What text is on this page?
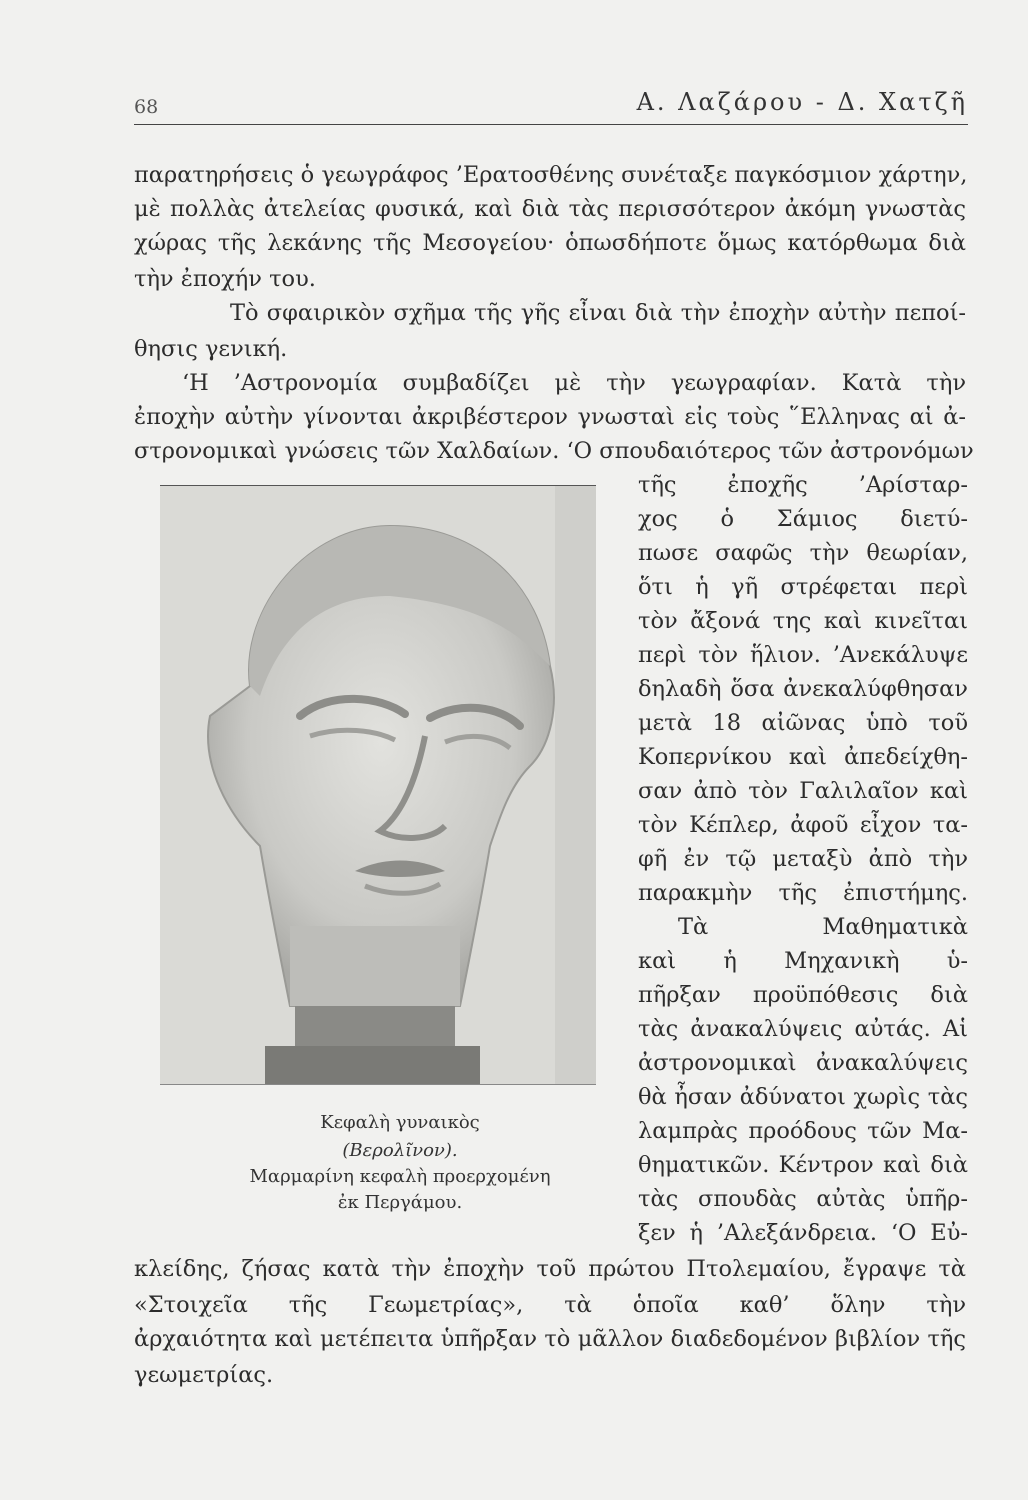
68	Α. Λαζάρου - Δ. Χατζῆ
παρατηρήσεις ὁ γεωγράφος ’Ερατοσθένης συνέταξε παγκόσμιον χάρτην,
μὲ πολλὰς ἀτελείας φυσικά, καὶ διὰ τὰς περισσότερον ἀκόμη γνωστὰς
χώρας τῆς λεκάνης τῆς Μεσογείου· ὁπωσδήποτε ὅμως κατόρθωμα διὰ
τὴν ἐποχήν του.
Τὸ σφαιρικὸν σχῆμα τῆς γῆς εἶναι διὰ τὴν ἐποχὴν αὐτὴν πεποί-
θησις γενική.
‘Η ’Αστρονομία συμβαδίζει μὲ τὴν γεωγραφίαν. Κατὰ τὴν
ἐποχὴν αὐτὴν γίνονται ἀκριβέστερον γνωσταὶ εἰς τοὺς ῞Ελληνας αἱ ἀ-
στρονομικαὶ γνώσεις τῶν Χαλδαίων. ‘Ο σπουδαιότερος τῶν ἀστρονόμων
τῆς ἐποχῆς ’Αρίσταρ-
χος ὁ Σάμιος διετύ-
πωσε σαφῶς τὴν θεωρίαν,
ὅτι ἡ γῆ στρέφεται περὶ
τὸν ἄξονά της καὶ κινεῖται
περὶ τὸν ἥλιον. ’Ανεκάλυψε
δηλαδὴ ὅσα ἀνεκαλύφθησαν
μετὰ 18 αἰῶνας ὑπὸ τοῦ
Κοπερνίκου καὶ ἀπεδείχθη-
σαν ἀπὸ τὸν Γαλιλαῖον καὶ
τὸν Κέπλερ, ἀφοῦ εἶχον τα-
φῆ ἐν τῷ μεταξὺ ἀπὸ τὴν
παρακμὴν τῆς ἐπιστήμης.
Τὰ Μαθηματικὰ
καὶ ἡ Μηχανικὴ ὑ-
πῆρξαν προϋπόθεσις διὰ
τὰς ἀνακαλύψεις αὐτάς. Αἱ
ἀστρονομικαὶ ἀνακαλύψεις
θὰ ἦσαν ἀδύνατοι χωρὶς τὰς
λαμπρὰς προόδους τῶν Μα-
θηματικῶν. Κέντρον καὶ διὰ
τὰς σπουδὰς αὐτὰς ὑπῆρ-
ξεν ἡ ’Αλεξάνδρεια. ‘Ο Εὐ-
Κεφαλὴ γυναικὸς
(Βερολῖνον).
Μαρμαρίνη κεφαλὴ προερχομένη
ἐκ Περγάμου.
κλείδης, ζήσας κατὰ τὴν ἐποχὴν τοῦ πρώτου Πτολεμαίου, ἔγραψε τὰ
«Στοιχεῖα τῆς Γεωμετρίας», τὰ ὁποῖα καθ’ ὅλην τὴν
ἀρχαιότητα καὶ μετέπειτα ὑπῆρξαν τὸ μᾶλλον διαδεδομένον βιβλίον τῆς
γεωμετρίας.
